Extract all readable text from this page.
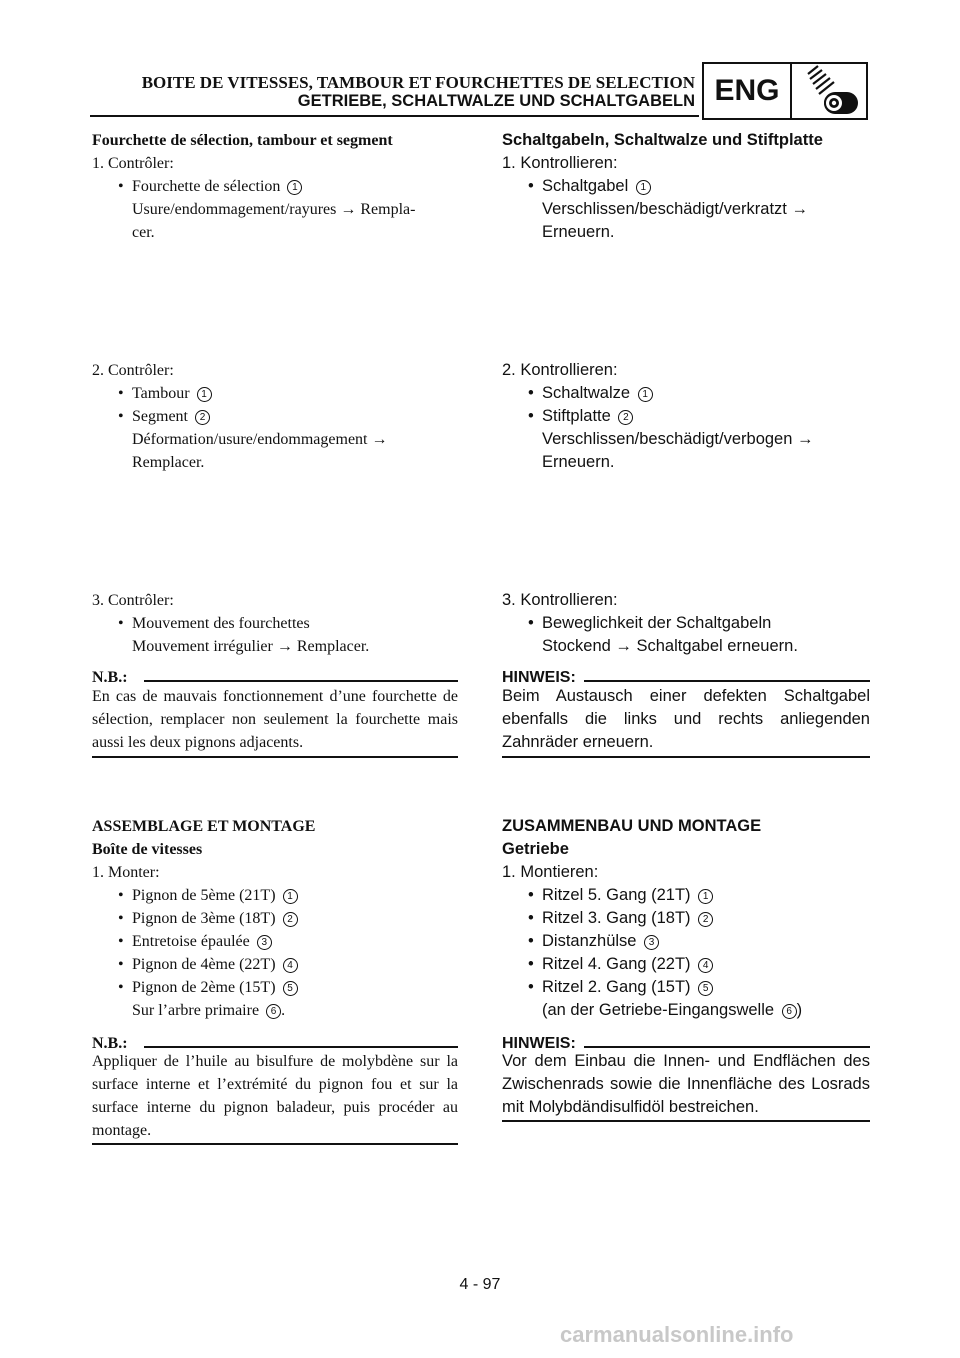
BOITE DE VITESSES, TAMBOUR ET FOURCHETTES DE SELECTION
GETRIEBE, SCHALTWALZE UND SCHALTGABELN ENG
Fourchette de sélection, tambour et segment
1. Contrôler:
• Fourchette de sélection 1
Usure/endommagement/rayures → Rempla-
cer.
2. Contrôler:
• Tambour 1
• Segment 2
Déformation/usure/endommagement →
Remplacer.
3. Contrôler:
• Mouvement des fourchettes
Mouvement irrégulier → Remplacer.
N.B.:
En cas de mauvais fonctionnement d’une fourchette de sélection, remplacer non seulement la fourchette mais aussi les deux pignons adjacents.
ASSEMBLAGE ET MONTAGE
Boîte de vitesses
1. Monter:
• Pignon de 5ème (21T) 1
• Pignon de 3ème (18T) 2
• Entretoise épaulée 3
• Pignon de 4ème (22T) 4
• Pignon de 2ème (15T) 5
Sur l’arbre primaire 6 .
N.B.:
Appliquer de l’huile au bisulfure de molybdène sur la surface interne et l’extrémité du pignon fou et sur la surface interne du pignon baladeur, puis procéder au montage.
Schaltgabeln, Schaltwalze und Stiftplatte
1. Kontrollieren:
• Schaltgabel 1
Verschlissen/beschädigt/verkratzt →
Erneuern.
2. Kontrollieren:
• Schaltwalze 1
• Stiftplatte 2
Verschlissen/beschädigt/verbogen →
Erneuern.
3. Kontrollieren:
• Beweglichkeit der Schaltgabeln
Stockend → Schaltgabel erneuern.
HINWEIS:
Beim Austausch einer defekten Schaltgabel ebenfalls die links und rechts anliegenden Zahnräder erneuern.
ZUSAMMENBAU UND MONTAGE
Getriebe
1. Montieren:
• Ritzel 5. Gang (21T) 1
• Ritzel 3. Gang (18T) 2
• Distanzhülse 3
• Ritzel 4. Gang (22T) 4
• Ritzel 2. Gang (15T) 5
(an der Getriebe-Eingangswelle 6 )
HINWEIS:
Vor dem Einbau die Innen- und Endflächen des Zwischenrads sowie die Innenfläche des Losrads mit Molybdändisulfidöl bestreichen.
4 - 97
carmanualsonline.info
